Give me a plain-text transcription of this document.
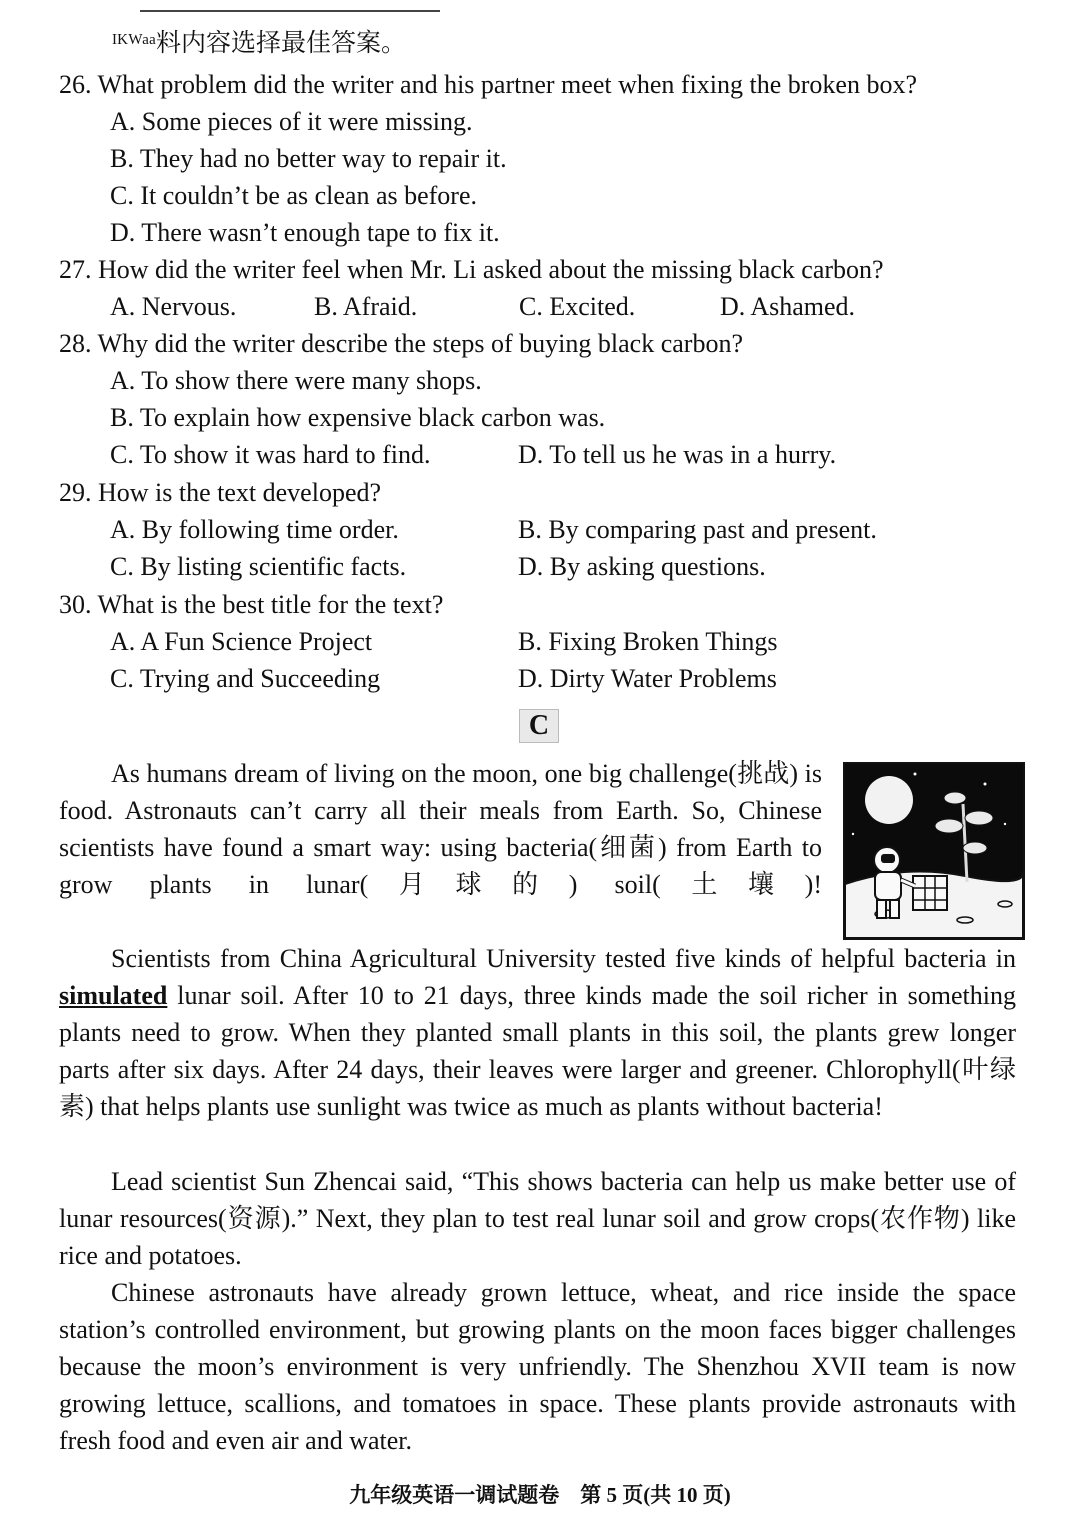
ᴵᴷᵂᵃᵃ料内容选择最佳答案。
26. What problem did the writer and his partner meet when fixing the broken box?
A. Some pieces of it were missing.
B. They had no better way to repair it.
C. It couldn’t be as clean as before.
D. There wasn’t enough tape to fix it.
27. How did the writer feel when Mr. Li asked about the missing black carbon?
A. Nervous.	B. Afraid.	C. Excited.	D. Ashamed.
28. Why did the writer describe the steps of buying black carbon?
A. To show there were many shops.
B. To explain how expensive black carbon was.
C. To show it was hard to find.	D. To tell us he was in a hurry.
29. How is the text developed?
A. By following time order.	B. By comparing past and present.
C. By listing scientific facts.	D. By asking questions.
30. What is the best title for the text?
A. A Fun Science Project	B. Fixing Broken Things
C. Trying and Succeeding	D. Dirty Water Problems
C

As humans dream of living on the moon, one big challenge(挑战) is food. Astronauts can’t carry all their meals from Earth. So, Chinese scientists have found a smart way: using bacteria(细菌) from Earth to grow plants in lunar(月球的) soil(土壤)!

Scientists from China Agricultural University tested five kinds of helpful bacteria in simulated lunar soil. After 10 to 21 days, three kinds made the soil richer in something plants need to grow. When they planted small plants in this soil, the plants grew longer parts after six days. After 24 days, their leaves were larger and greener. Chlorophyll(叶绿素) that helps plants use sunlight was twice as much as plants without bacteria!

Lead scientist Sun Zhencai said, “This shows bacteria can help us make better use of lunar resources(资源).” Next, they plan to test real lunar soil and grow crops(农作物) like rice and potatoes.

Chinese astronauts have already grown lettuce, wheat, and rice inside the space station’s controlled environment, but growing plants on the moon faces bigger challenges because the moon’s environment is very unfriendly. The Shenzhou XVII team is now growing lettuce, scallions, and tomatoes in space. These plants provide astronauts with fresh food and even air and water.

九年级英语一调试题卷　第 5 页(共 10 页)
